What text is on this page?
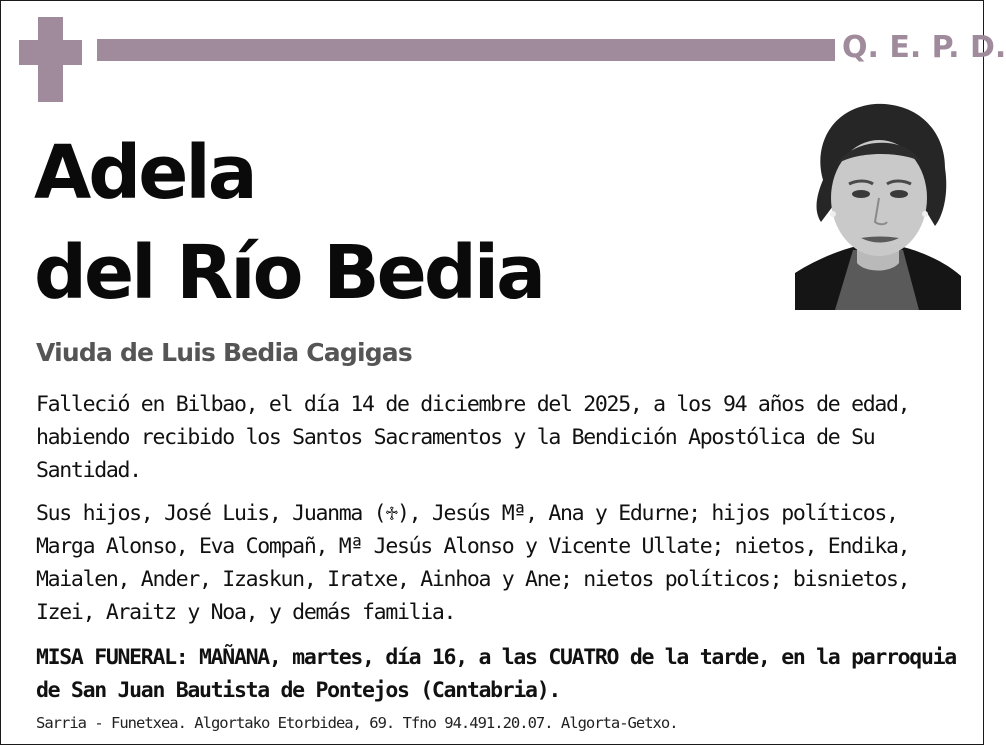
Q. E. P. D.
Adela
del Río Bedia
Viuda de Luis Bedia Cagigas
Falleció en Bilbao, el día 14 de diciembre del 2025, a los 94 años de edad, habiendo recibido los Santos Sacramentos y la Bendición Apostólica de Su Santidad.
Sus hijos, José Luis, Juanma (♱), Jesús Mª, Ana y Edurne; hijos políticos, Marga Alonso, Eva Compañ, Mª Jesús Alonso y Vicente Ullate; nietos, Endika, Maialen, Ander, Izaskun, Iratxe, Ainhoa y Ane; nietos políticos; bisnietos, Izei, Araitz y Noa, y demás familia.
MISA FUNERAL: MAÑANA, martes, día 16, a las CUATRO de la tarde, en la parroquia de San Juan Bautista de Pontejos (Cantabria).
Sarria - Funetxea. Algortako Etorbidea, 69. Tfno 94.491.20.07. Algorta-Getxo.
